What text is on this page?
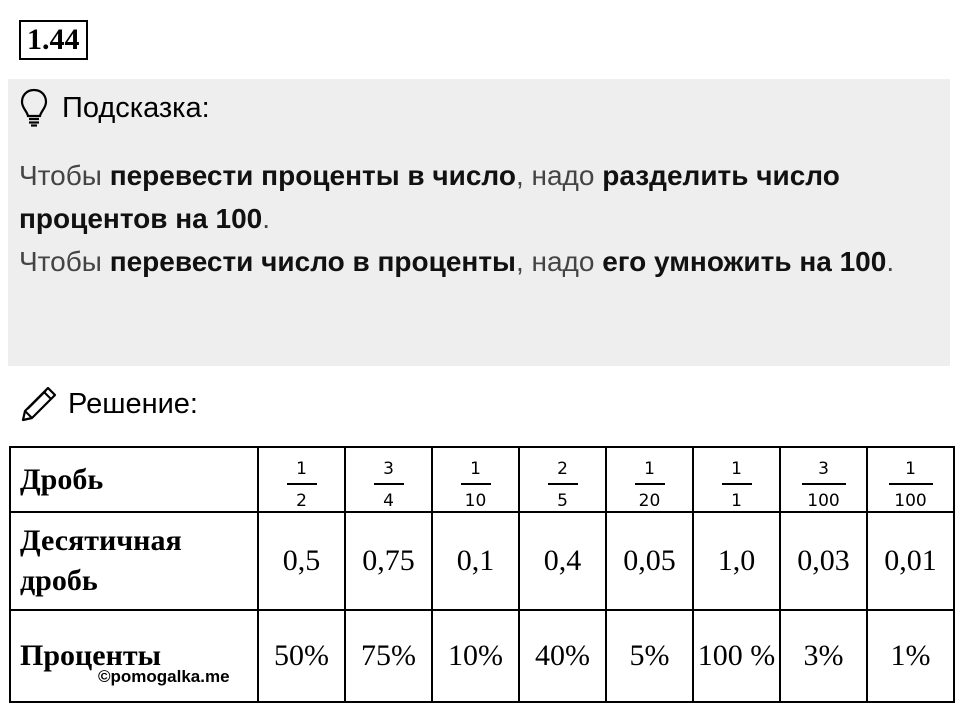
1.44
Подсказка:
Чтобы перевести проценты в число, надо разделить число процентов на 100.
Чтобы перевести число в проценты, надо его умножить на 100.
Решение:
Дробь	$\frac{1}{2}$	$\frac{3}{4}$	$\frac{1}{10}$	$\frac{2}{5}$	$\frac{1}{20}$	$\frac{1}{1}$	$\frac{3}{100}$	$\frac{1}{100}$

Десятичная дробь	0,5	0,75	0,1	0,4	0,05	1,0	0,03	0,01
Проценты	50%	75%	10%	40%	5%	100 %	3%	1%
©pomogalka.me
